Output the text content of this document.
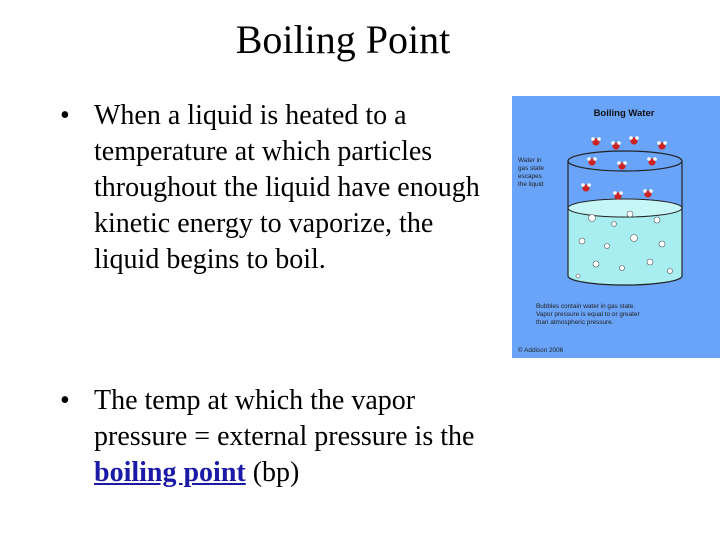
Boiling Point
• When a liquid is heated to a temperature at which particles throughout the liquid have enough kinetic energy to vaporize, the liquid begins to boil.
• The temp at which the vapor pressure = external pressure is the boiling point (bp)
Boiling Water
Water in gas state escapes the liquid
Bubbles contain water in gas state. Vapor pressure is equal to or greater than atmospheric pressure.
© Addison 2006
